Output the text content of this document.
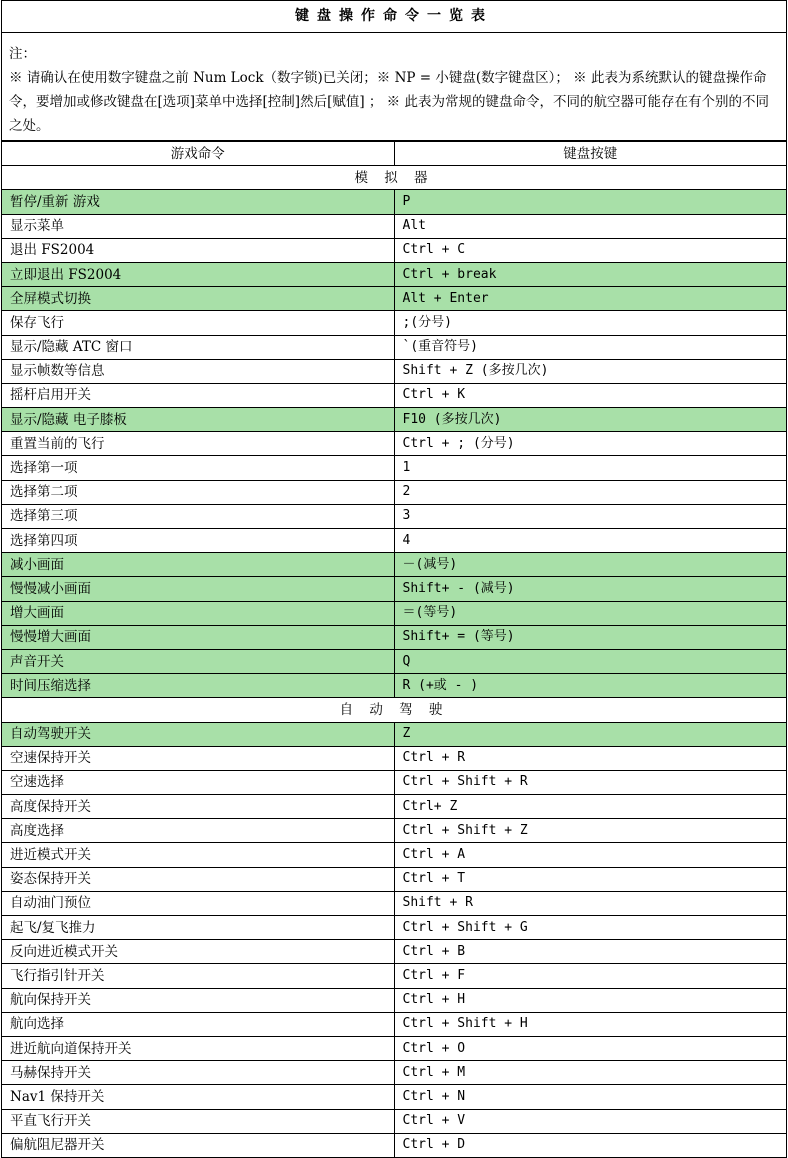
键盘操作命令一览表
注：
※ 请确认在使用数字键盘之前 Num Lock（数字锁)已关闭；※ NP = 小键盘(数字键盘区）； ※ 此表为系统默认的键盘操作命令，要增加或修改键盘在[选项]菜单中选择[控制]然后[赋值] ； ※ 此表为常规的键盘命令，不同的航空器可能存在有个别的不同之处。
游戏命令	键盘按键
模 拟 器	
暂停/重新 游戏	P
显示菜单	Alt
退出 FS2004	Ctrl + C
立即退出 FS2004	Ctrl + break
全屏模式切换	Alt + Enter
保存飞行	;(分号)
显示/隐藏 ATC 窗口	`(重音符号)
显示帧数等信息	Shift + Z (多按几次)
摇杆启用开关	Ctrl + K
显示/隐藏 电子膝板	F10 (多按几次)
重置当前的飞行	Ctrl + ; (分号)
选择第一项	1
选择第二项	2
选择第三项	3
选择第四项	4
减小画面	－(减号)
慢慢减小画面	Shift+ - (减号)
增大画面	＝(等号)
慢慢增大画面	Shift+ = (等号)
声音开关	Q
时间压缩选择	R (+或 - )
自 动 驾 驶	
自动驾驶开关	Z
空速保持开关	Ctrl + R
空速选择	Ctrl + Shift + R
高度保持开关	Ctrl+ Z
高度选择	Ctrl + Shift + Z
进近模式开关	Ctrl + A
姿态保持开关	Ctrl + T
自动油门预位	Shift + R
起飞/复飞推力	Ctrl + Shift + G
反向进近模式开关	Ctrl + B
飞行指引针开关	Ctrl + F
航向保持开关	Ctrl + H
航向选择	Ctrl + Shift + H
进近航向道保持开关	Ctrl + O
马赫保持开关	Ctrl + M
Nav1 保持开关	Ctrl + N
平直飞行开关	Ctrl + V
偏航阻尼器开关	Ctrl + D
